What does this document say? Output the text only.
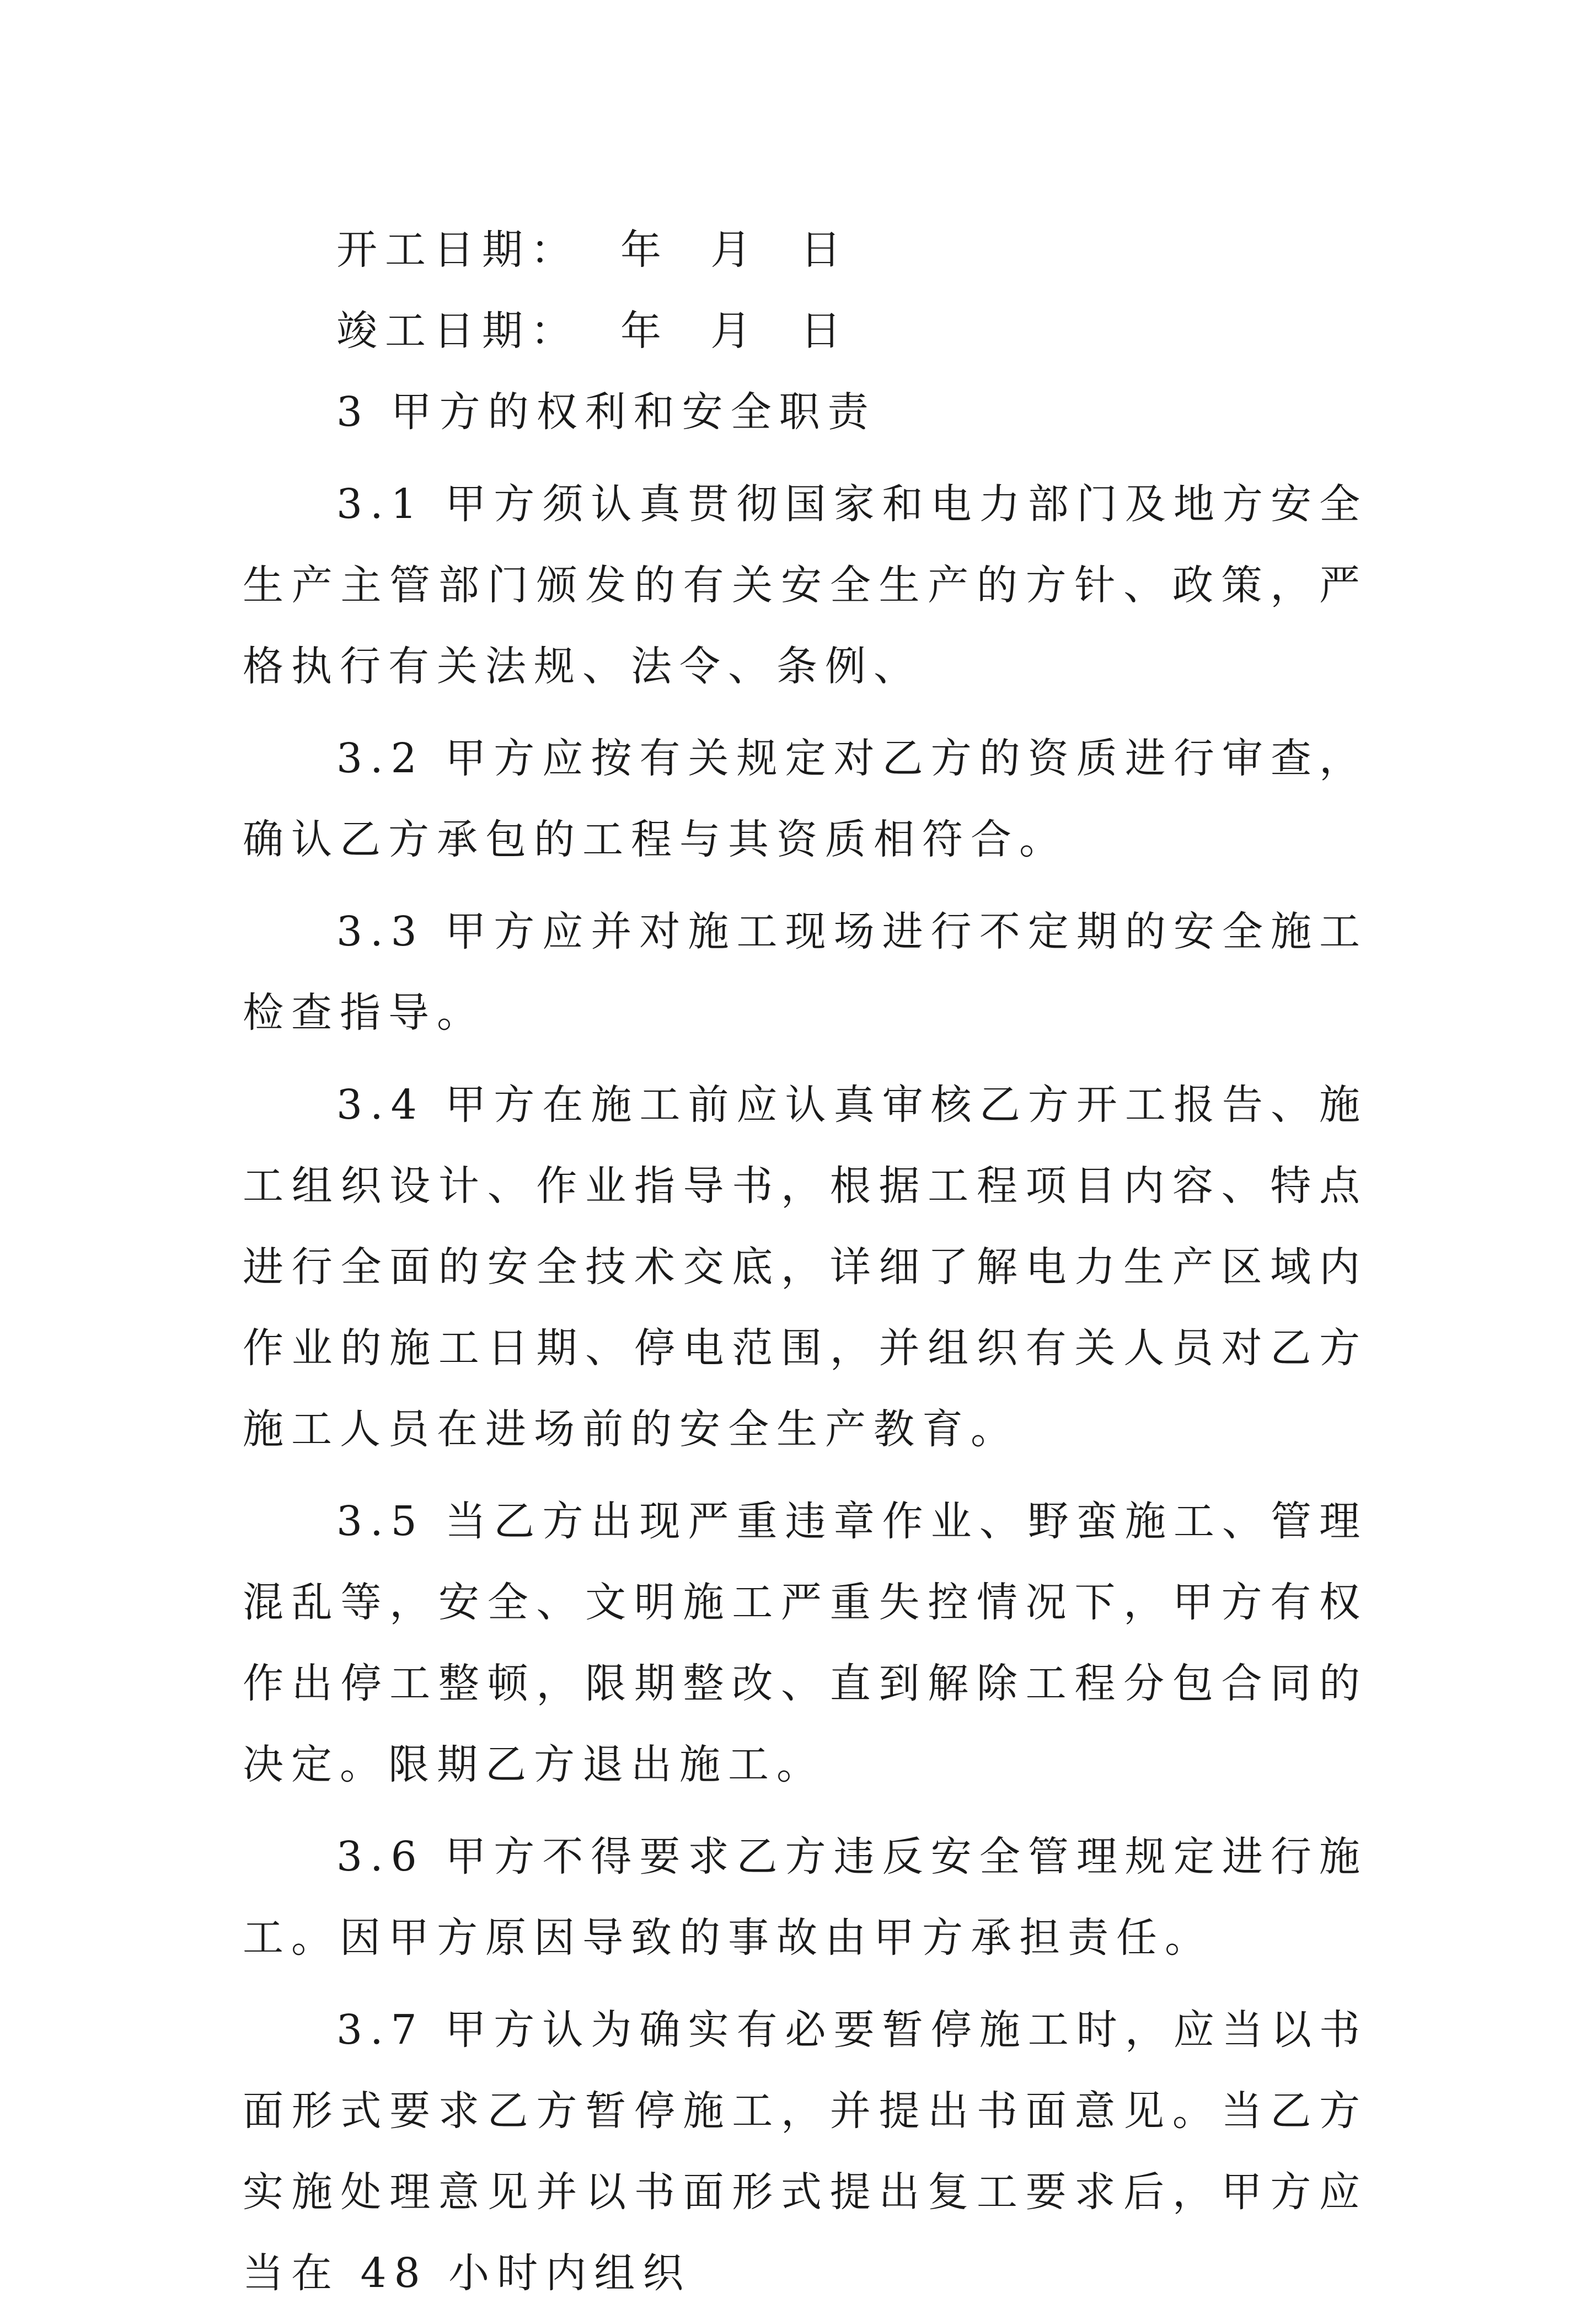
开工日期：  年  月  日

竣工日期：  年  月  日

3 甲方的权利和安全职责

3.1 甲方须认真贯彻国家和电力部门及地方安全生产主管部门颁发的有关安全生产的方针、政策，严格执行有关法规、法令、条例、

3.2 甲方应按有关规定对乙方的资质进行审查，确认乙方承包的工程与其资质相符合。

3.3 甲方应并对施工现场进行不定期的安全施工检查指导。

3.4 甲方在施工前应认真审核乙方开工报告、施工组织设计、作业指导书，根据工程项目内容、特点进行全面的安全技术交底，详细了解电力生产区域内作业的施工日期、停电范围，并组织有关人员对乙方施工人员在进场前的安全生产教育。

3.5 当乙方出现严重违章作业、野蛮施工、管理混乱等，安全、文明施工严重失控情况下，甲方有权作出停工整顿，限期整改、直到解除工程分包合同的决定。限期乙方退出施工。

3.6 甲方不得要求乙方违反安全管理规定进行施工。因甲方原因导致的事故由甲方承担责任。

3.7 甲方认为确实有必要暂停施工时，应当以书面形式要求乙方暂停施工，并提出书面意见。当乙方实施处理意见并以书面形式提出复工要求后，甲方应当在 48 小时内组织
